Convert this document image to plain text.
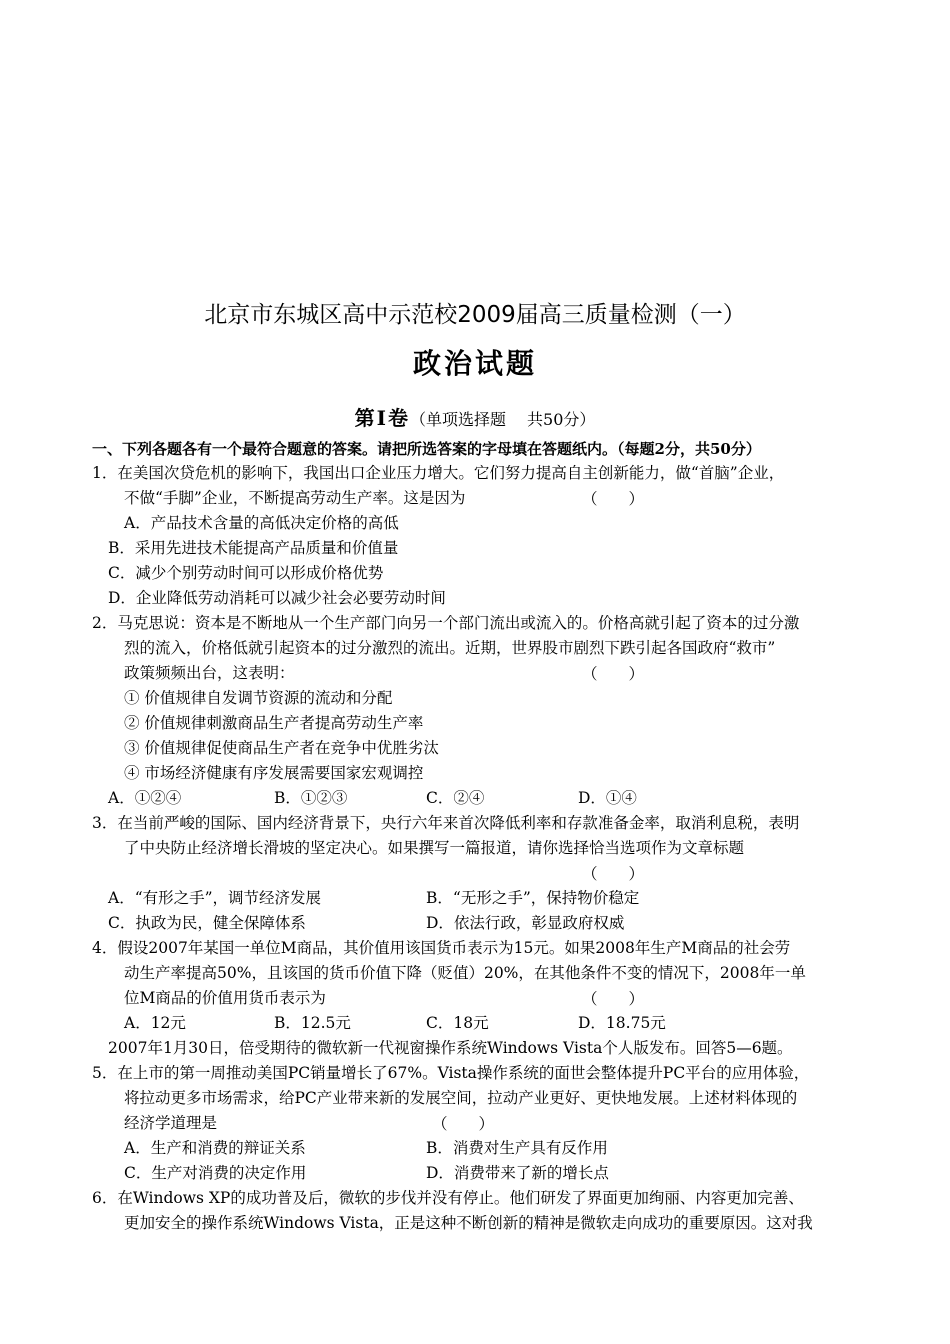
北京市东城区高中示范校2009届高三质量检测（一）
政治试题
第Ⅰ卷（单项选择题　 共50分）
一、下列各题各有一个最符合题意的答案。请把所选答案的字母填在答题纸内。（每题2分，共50分）
1．在美国次贷危机的影响下，我国出口企业压力增大。它们努力提高自主创新能力，做“首脑”企业，
不做“手脚”企业，不断提高劳动生产率。这是因为	（　　）
A．产品技术含量的高低决定价格的高低
B．采用先进技术能提高产品质量和价值量
C．减少个别劳动时间可以形成价格优势
D．企业降低劳动消耗可以减少社会必要劳动时间
2．马克思说：资本是不断地从一个生产部门向另一个部门流出或流入的。价格高就引起了资本的过分激
烈的流入，价格低就引起资本的过分激烈的流出。近期，世界股市剧烈下跌引起各国政府“救市”
政策频频出台，这表明：	（　　）
① 价值规律自发调节资源的流动和分配
② 价值规律刺激商品生产者提高劳动生产率
③ 价值规律促使商品生产者在竞争中优胜劣汰
④ 市场经济健康有序发展需要国家宏观调控
A．①②④	B．①②③	C．②④	D．①④
3．在当前严峻的国际、国内经济背景下，央行六年来首次降低利率和存款准备金率，取消利息税，表明
了中央防止经济增长滑坡的坚定决心。如果撰写一篇报道，请你选择恰当选项作为文章标题
（　　）
A．“有形之手”，调节经济发展	B．“无形之手”，保持物价稳定
C．执政为民，健全保障体系	D．依法行政，彰显政府权威
4．假设2007年某国一单位M商品，其价值用该国货币表示为15元。如果2008年生产M商品的社会劳
动生产率提高50%，且该国的货币价值下降（贬值）20%，在其他条件不变的情况下，2008年一单
位M商品的价值用货币表示为	（　　）
A．12元	B．12.5元	C．18元	D．18.75元
2007年1月30日，倍受期待的微软新一代视窗操作系统Windows Vista个人版发布。回答5—6题。
5．在上市的第一周推动美国PC销量增长了67%。Vista操作系统的面世会整体提升PC平台的应用体验，
将拉动更多市场需求，给PC产业带来新的发展空间，拉动产业更好、更快地发展。上述材料体现的
经济学道理是	（　　）
A．生产和消费的辩证关系	B．消费对生产具有反作用
C．生产对消费的决定作用	D．消费带来了新的增长点
6．在Windows XP的成功普及后，微软的步伐并没有停止。他们研发了界面更加绚丽、内容更加完善、
更加安全的操作系统Windows Vista，正是这种不断创新的精神是微软走向成功的重要原因。这对我
